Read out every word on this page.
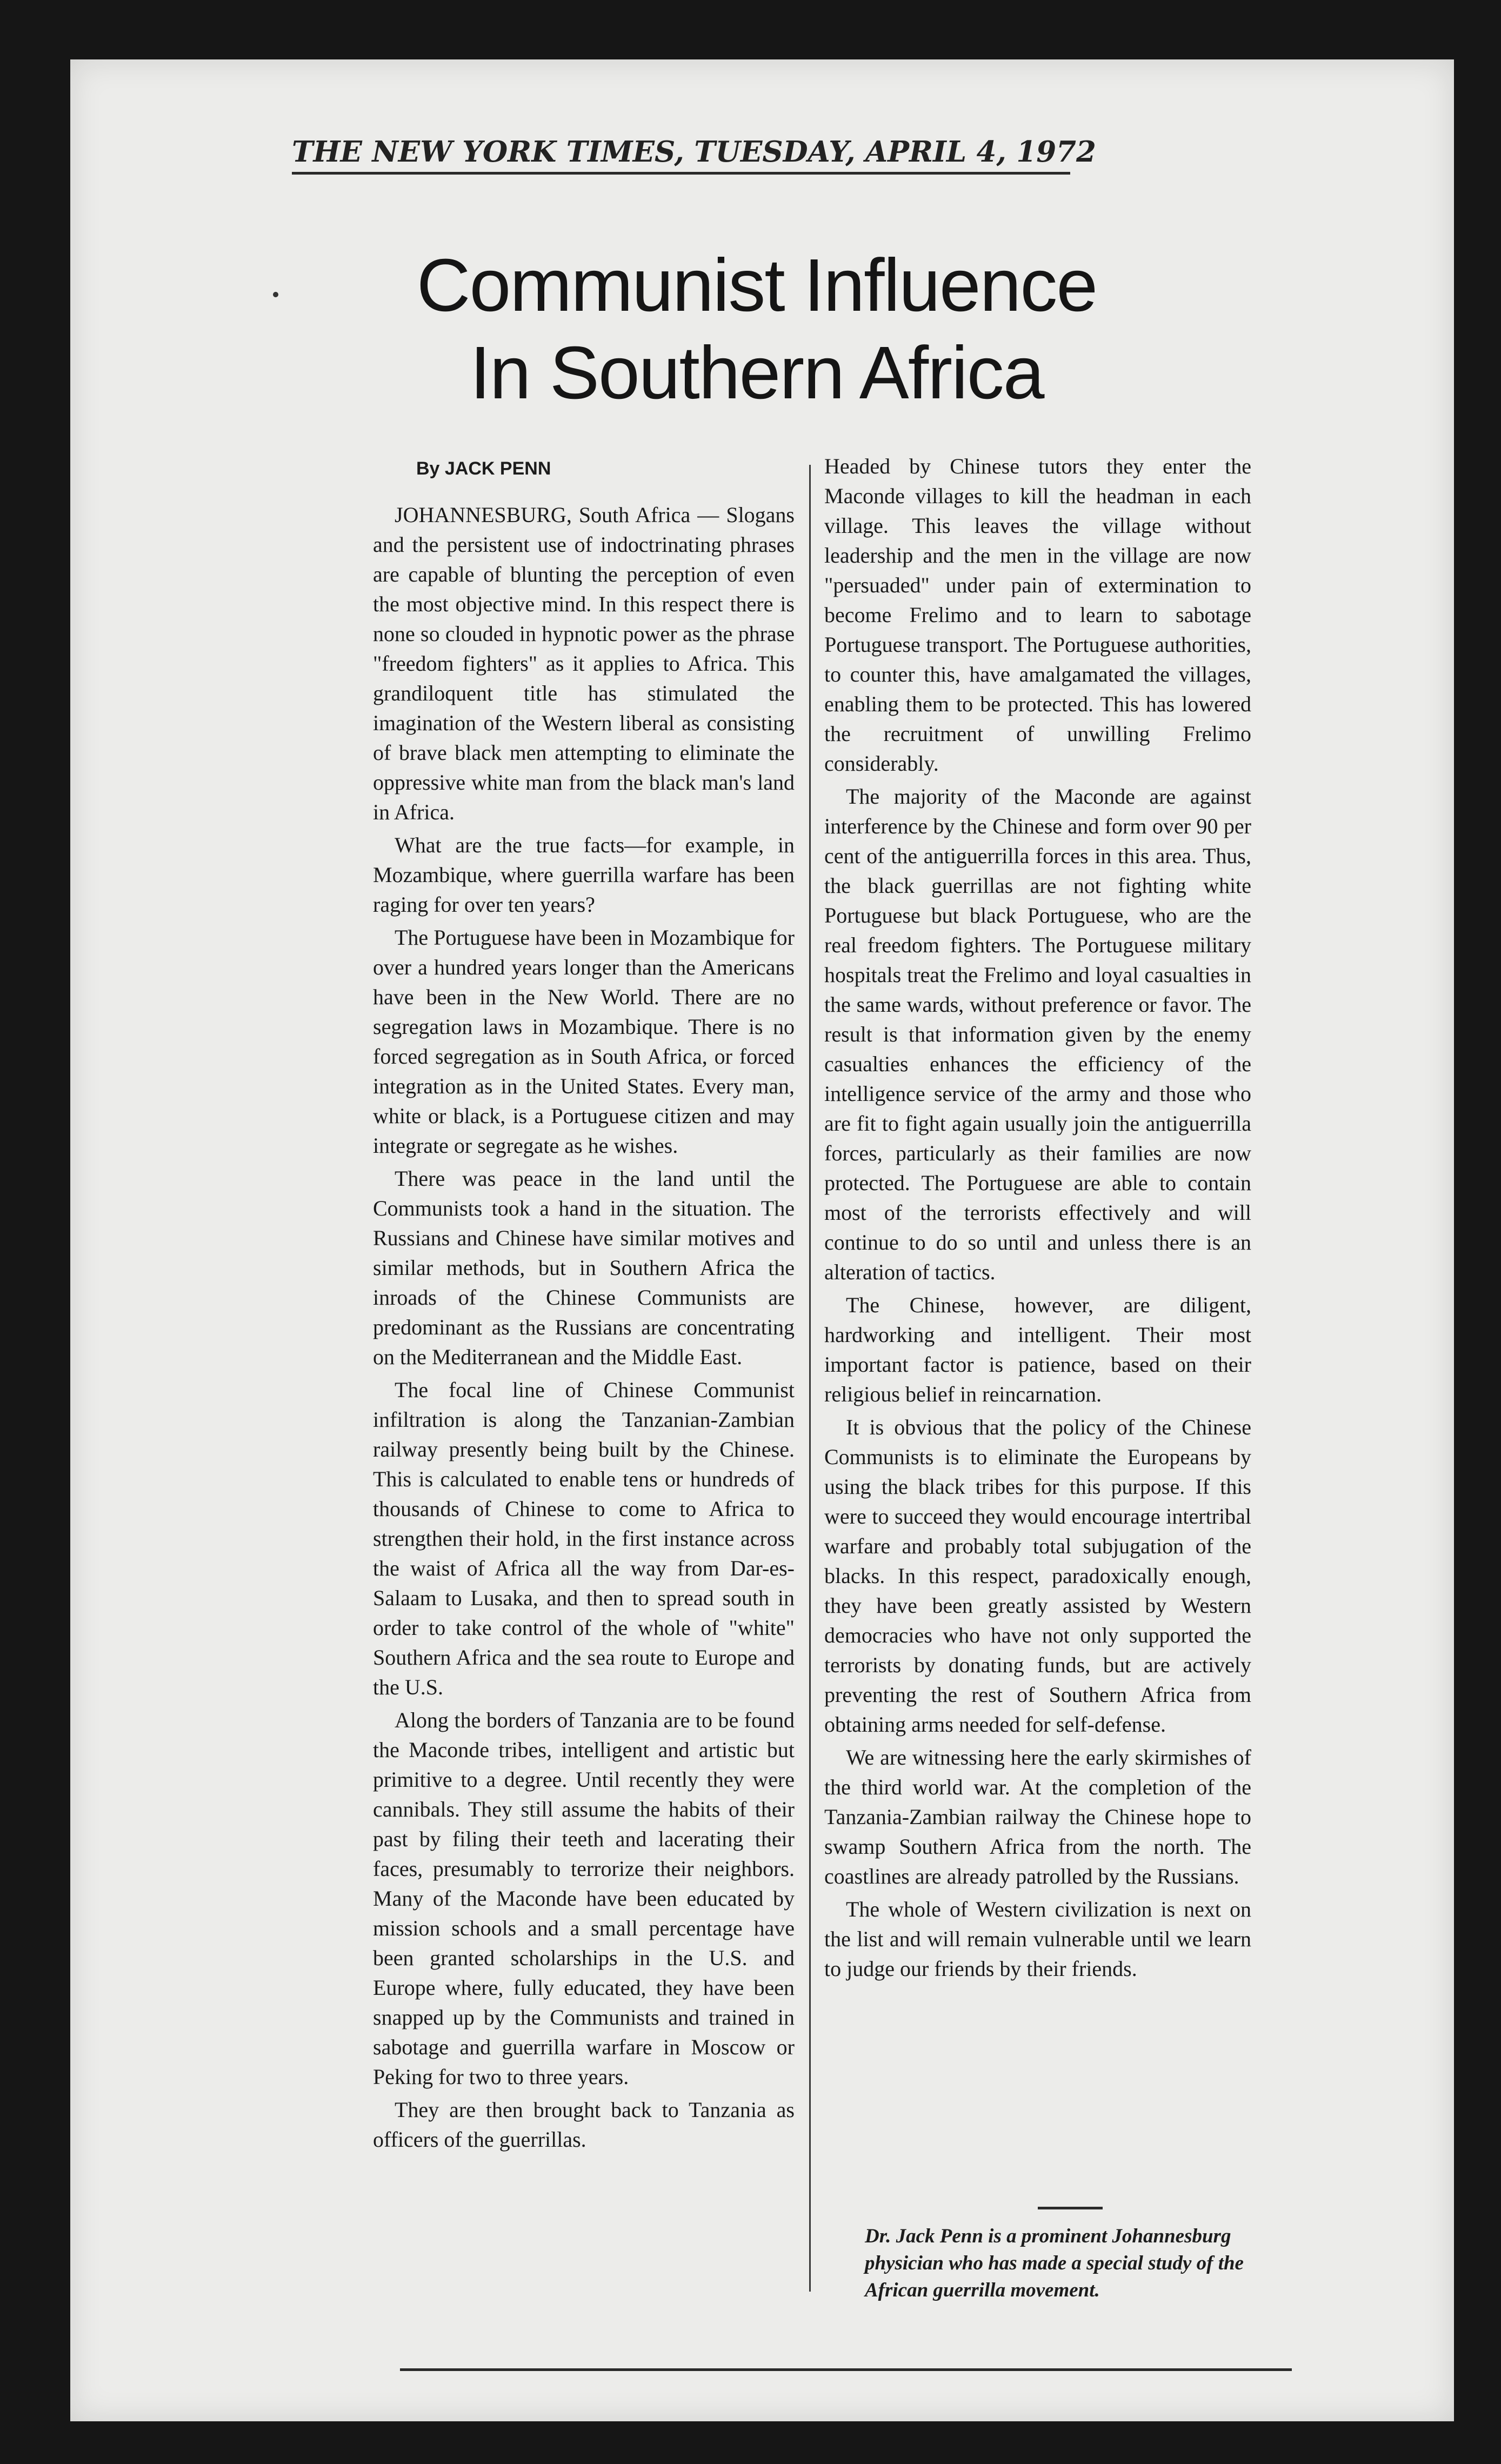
THE NEW YORK TIMES, TUESDAY, APRIL 4, 1972
Communist Influence
In Southern Africa
By JACK PENN

JOHANNESBURG, South Africa — Slogans and the persistent use of indoctrinating phrases are capable of blunting the perception of even the most objective mind. In this respect there is none so clouded in hypnotic power as the phrase "freedom fighters" as it applies to Africa. This grandiloquent title has stimulated the imagination of the Western liberal as consisting of brave black men attempting to eliminate the oppressive white man from the black man's land in Africa.

What are the true facts—for example, in Mozambique, where guerrilla warfare has been raging for over ten years?

The Portuguese have been in Mozambique for over a hundred years longer than the Americans have been in the New World. There are no segregation laws in Mozambique. There is no forced segregation as in South Africa, or forced integration as in the United States. Every man, white or black, is a Portuguese citizen and may integrate or segregate as he wishes.

There was peace in the land until the Communists took a hand in the situation. The Russians and Chinese have similar motives and similar methods, but in Southern Africa the inroads of the Chinese Communists are predominant as the Russians are concentrating on the Mediterranean and the Middle East.

The focal line of Chinese Communist infiltration is along the Tanzanian-Zambian railway presently being built by the Chinese. This is calculated to enable tens or hundreds of thousands of Chinese to come to Africa to strengthen their hold, in the first instance across the waist of Africa all the way from Dar-es-Salaam to Lusaka, and then to spread south in order to take control of the whole of "white" Southern Africa and the sea route to Europe and the U.S.

Along the borders of Tanzania are to be found the Maconde tribes, intelligent and artistic but primitive to a degree. Until recently they were cannibals. They still assume the habits of their past by filing their teeth and lacerating their faces, presumably to terrorize their neighbors. Many of the Maconde have been educated by mission schools and a small percentage have been granted scholarships in the U.S. and Europe where, fully educated, they have been snapped up by the Communists and trained in sabotage and guerrilla warfare in Moscow or Peking for two to three years.

They are then brought back to Tanzania as officers of the guerrillas.

Headed by Chinese tutors they enter the Maconde villages to kill the headman in each village. This leaves the village without leadership and the men in the village are now "persuaded" under pain of extermination to become Frelimo and to learn to sabotage Portuguese transport. The Portuguese authorities, to counter this, have amalgamated the villages, enabling them to be protected. This has lowered the recruitment of unwilling Frelimo considerably.

The majority of the Maconde are against interference by the Chinese and form over 90 per cent of the antiguerrilla forces in this area. Thus, the black guerrillas are not fighting white Portuguese but black Portuguese, who are the real freedom fighters. The Portuguese military hospitals treat the Frelimo and loyal casualties in the same wards, without preference or favor. The result is that information given by the enemy casualties enhances the efficiency of the intelligence service of the army and those who are fit to fight again usually join the antiguerrilla forces, particularly as their families are now protected. The Portuguese are able to contain most of the terrorists effectively and will continue to do so until and unless there is an alteration of tactics.

The Chinese, however, are diligent, hardworking and intelligent. Their most important factor is patience, based on their religious belief in reincarnation.

It is obvious that the policy of the Chinese Communists is to eliminate the Europeans by using the black tribes for this purpose. If this were to succeed they would encourage intertribal warfare and probably total subjugation of the blacks. In this respect, paradoxically enough, they have been greatly assisted by Western democracies who have not only supported the terrorists by donating funds, but are actively preventing the rest of Southern Africa from obtaining arms needed for self-defense.

We are witnessing here the early skirmishes of the third world war. At the completion of the Tanzania-Zambian railway the Chinese hope to swamp Southern Africa from the north. The coastlines are already patrolled by the Russians.

The whole of Western civilization is next on the list and will remain vulnerable until we learn to judge our friends by their friends.

Dr. Jack Penn is a prominent Johannesburg physician who has made a special study of the African guerrilla movement.
